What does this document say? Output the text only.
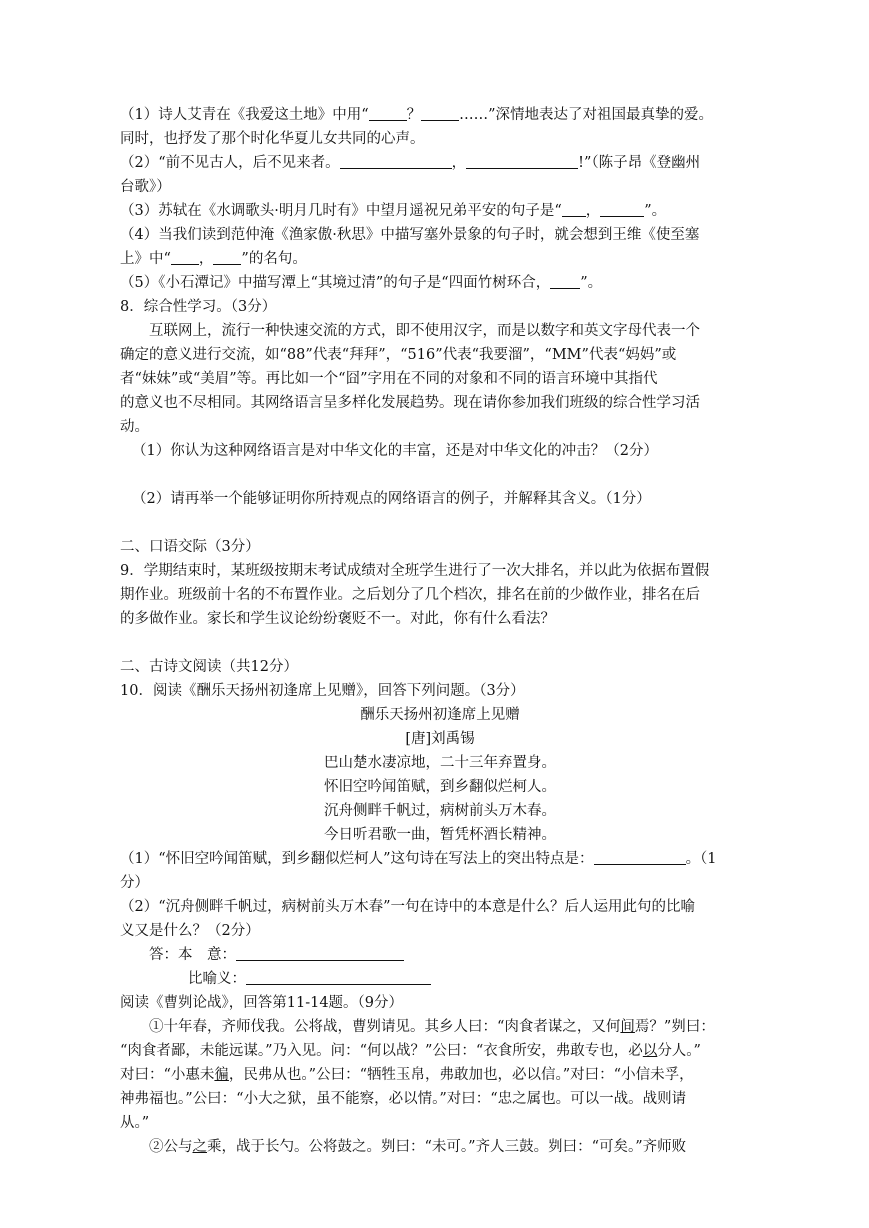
（1）诗人艾青在《我爱这土地》中用“	？	……”深情地表达了对祖国最真挚的爱。
同时，也抒发了那个时化华夏儿女共同的心声。
（2）“前不见古人，后不见来者。	，	!”（陈子昂《登幽州
台歌》）
（3）苏轼在《水调歌头·明月几时有》中望月遥祝兄弟平安的句子是“ ，	”。
（4）当我们读到范仲淹《渔家傲·秋思》中描写塞外景象的句子时，就会想到王维《使至塞
上》中“ ， ”的名句。
（5）《小石潭记》中描写潭上“其境过清”的句子是“四面竹树环合， ”。
8．综合性学习。（3分）
互联网上，流行一种快速交流的方式，即不使用汉字，而是以数字和英文字母代表一个
确定的意义进行交流，如“88”代表“拜拜”，“516”代表“我要溜”，“MM”代表“妈妈”或
者“妹妹”或“美眉”等。再比如一个“囧”字用在不同的对象和不同的语言环境中其指代
的意义也不尽相同。其网络语言呈多样化发展趋势。现在请你参加我们班级的综合性学习活
动。
（1）你认为这种网络语言是对中华文化的丰富，还是对中华文化的冲击？（2分）
（2）请再举一个能够证明你所持观点的网络语言的例子，并解释其含义。（1分）
二、口语交际（3分）
9．学期结束时，某班级按期末考试成绩对全班学生进行了一次大排名，并以此为依据布置假
期作业。班级前十名的不布置作业。之后划分了几个档次，排名在前的少做作业，排名在后
的多做作业。家长和学生议论纷纷褒贬不一。对此，你有什么看法？
二、古诗文阅读（共12分）
10．阅读《酬乐天扬州初逢席上见赠》，回答下列问题。（3分）
酬乐天扬州初逢席上见赠
[唐]刘禹锡
巴山楚水凄凉地，二十三年弃置身。
怀旧空吟闻笛赋，到乡翻似烂柯人。
沉舟侧畔千帆过，病树前头万木春。
今日听君歌一曲，暂凭杯酒长精神。
（1）“怀旧空吟闻笛赋，到乡翻似烂柯人”这句诗在写法上的突出特点是：	。（1
分）
（2）“沉舟侧畔千帆过，病树前头万木春”一句在诗中的本意是什么？后人运用此句的比喻
义又是什么？（2分）
答：本　意：
比喻义：
阅读《曹刿论战》，回答第11-14题。（9分）
①十年春，齐师伐我。公将战，曹刿请见。其乡人曰：“肉食者谋之，又何间焉？”刿曰：
“肉食者鄙，未能远谋。”乃入见。问：“何以战？”公曰：“衣食所安，弗敢专也，必以分人。”
对曰：“小惠未徧，民弗从也。”公曰：“牺牲玉帛，弗敢加也，必以信。”对曰：“小信未孚，
神弗福也。”公曰：“小大之狱，虽不能察，必以情。”对曰：“忠之属也。可以一战。战则请
从。”
②公与之乘，战于长勺。公将鼓之。刿曰：“未可。”齐人三鼓。刿曰：“可矣。”齐师败
